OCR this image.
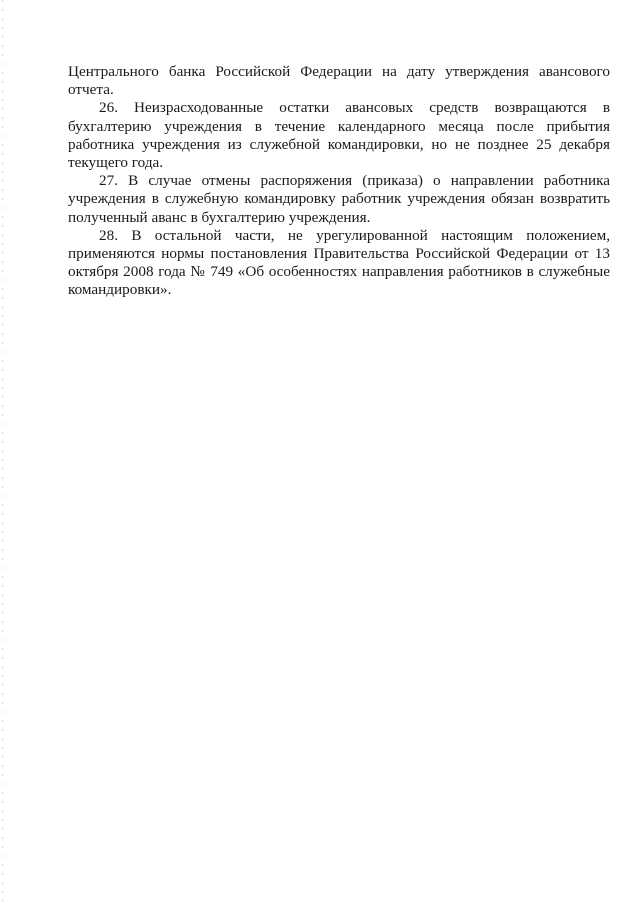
Центрального банка Российской Федерации на дату утверждения авансового отчета.

26. Неизрасходованные остатки авансовых средств возвращаются в бухгалтерию учреждения в течение календарного месяца после прибытия работника учреждения из служебной командировки, но не позднее 25 декабря текущего года.

27. В случае отмены распоряжения (приказа) о направлении работника учреждения в служебную командировку работник учреждения обязан возвратить полученный аванс в бухгалтерию учреждения.

28. В остальной части, не урегулированной настоящим положением, применяются нормы постановления Правительства Российской Федерации от 13 октября 2008 года № 749 «Об особенностях направления работников в служебные командировки».
